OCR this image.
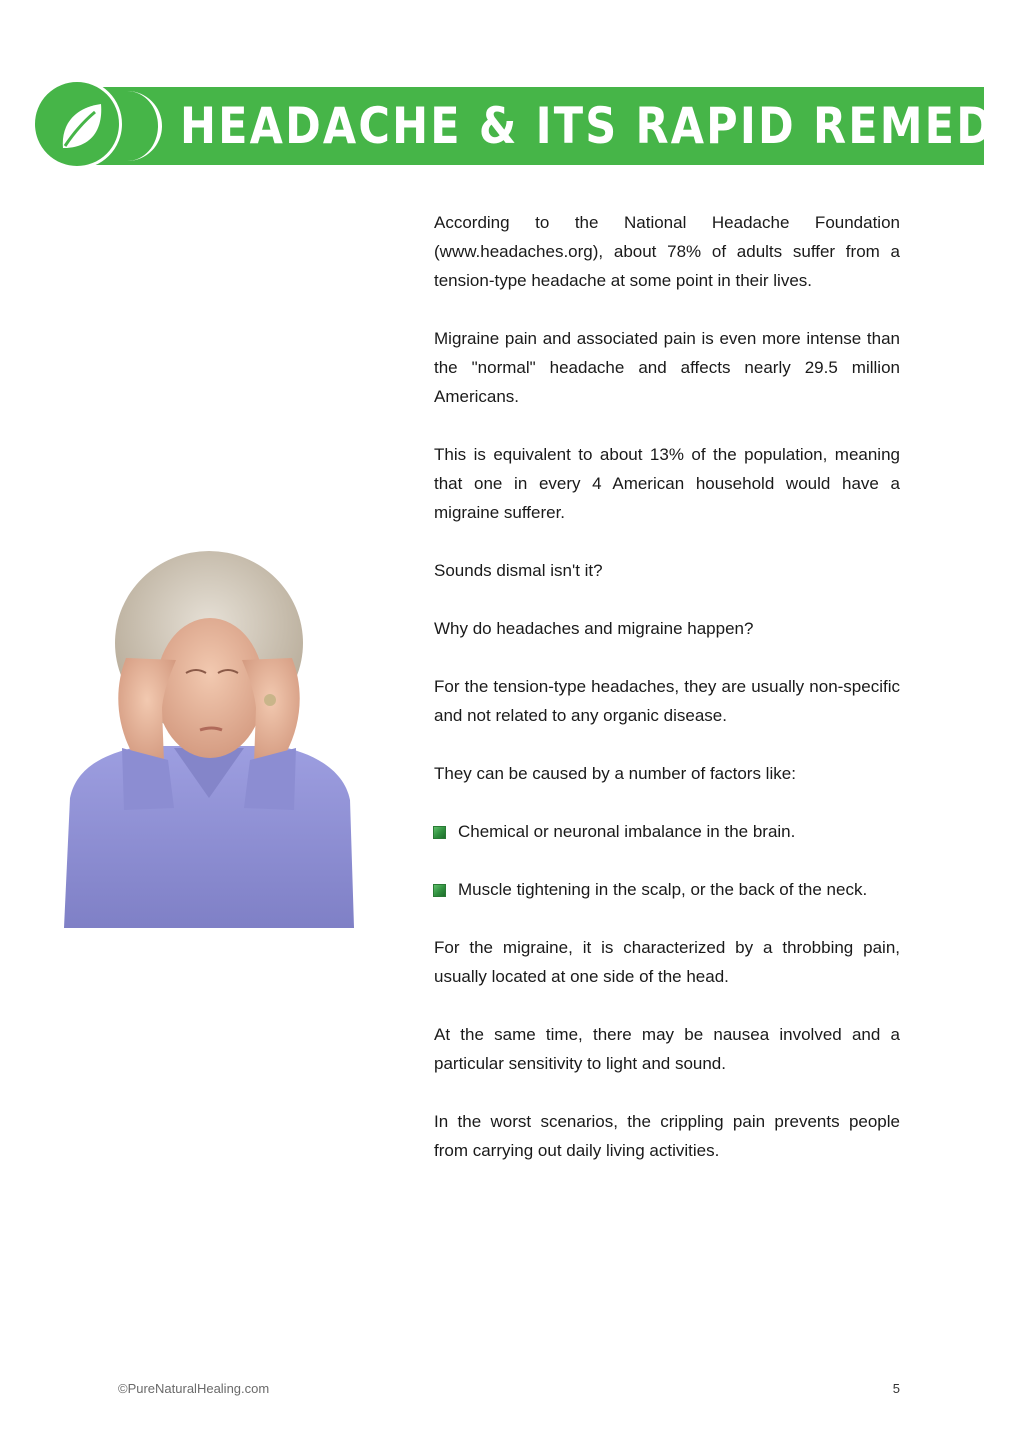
HEADACHE & ITS RAPID REMEDY

According to the National Headache Foundation (www.headaches.org), about 78% of adults suffer from a tension-type headache at some point in their lives.

Migraine pain and associated pain is even more intense than the "normal" headache and affects nearly 29.5 million Americans.

This is equivalent to about 13% of the population, meaning that one in every 4 American household would have a migraine sufferer.

Sounds dismal isn't it?

Why do headaches and migraine happen?

For the tension-type headaches, they are usually non-specific and not related to any organic disease.

They can be caused by a number of factors like:

Chemical or neuronal imbalance in the brain.
Muscle tightening in the scalp, or the back of the neck.

For the migraine, it is characterized by a throbbing pain, usually located at one side of the head.

At the same time, there may be nausea involved and a particular sensitivity to light and sound.

In the worst scenarios, the crippling pain prevents people from carrying out daily living activities.

©PureNaturalHealing.com	5
